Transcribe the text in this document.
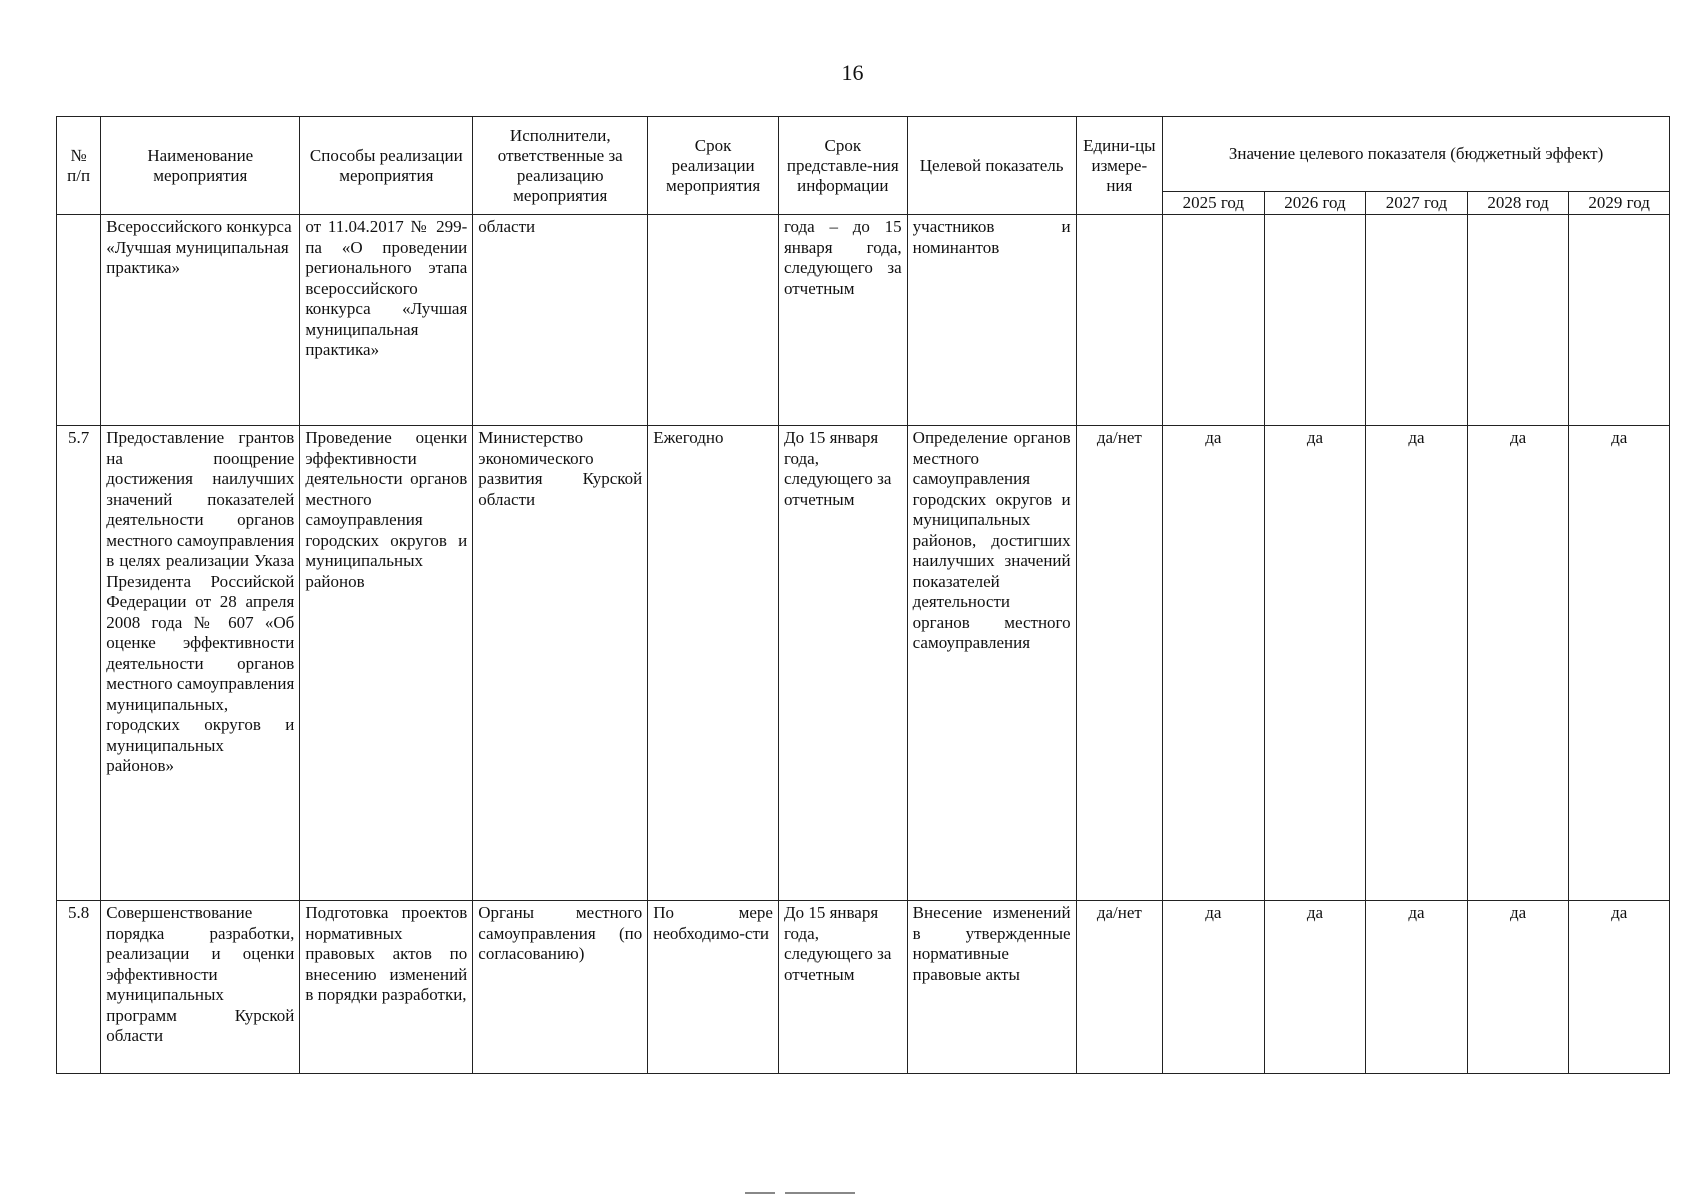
16
№ п/п	Наименование мероприятия	Способы реализации мероприятия	Исполнители, ответственные за реализацию мероприятия	Срок реализации мероприятия	Срок представле-ния информации	Целевой показатель	Едини-цы измере-ния	Значение целевого показателя (бюджетный эффект)				
								2025 год	2026 год	2027 год	2028 год	2029 год
	Всероссийского конкурса «Лучшая муниципальная практика»	от 11.04.2017 № 299-па «О проведении регионального этапа всероссийского конкурса «Лучшая муниципальная практика»	области		года – до 15 января года, следующего за отчетным	участников и номинантов						
5.7	Предоставление грантов на поощрение достижения наилучших значений показателей деятельности органов местного самоуправления в целях реализации Указа Президента Российской Федерации от 28 апреля 2008 года № 607 «Об оценке эффективности деятельности органов местного самоуправления муниципальных, городских округов и муниципальных районов»	Проведение оценки эффективности деятельности органов местного самоуправления городских округов и муниципальных районов	Министерство экономического развития Курской области	Ежегодно	До 15 января года, следующего за отчетным	Определение органов местного самоуправления городских округов и муниципальных районов, достигших наилучших значений показателей деятельности органов местного самоуправления	да/нет	да	да	да	да	да
5.8	Совершенствование порядка разработки, реализации и оценки эффективности муниципальных программ Курской области	Подготовка проектов нормативных правовых актов по внесению изменений в порядки разработки,	Органы местного самоуправления (по согласованию)	По мере необходимо-сти	До 15 января года, следующего за отчетным	Внесение изменений в утвержденные нормативные правовые акты	да/нет	да	да	да	да	да
